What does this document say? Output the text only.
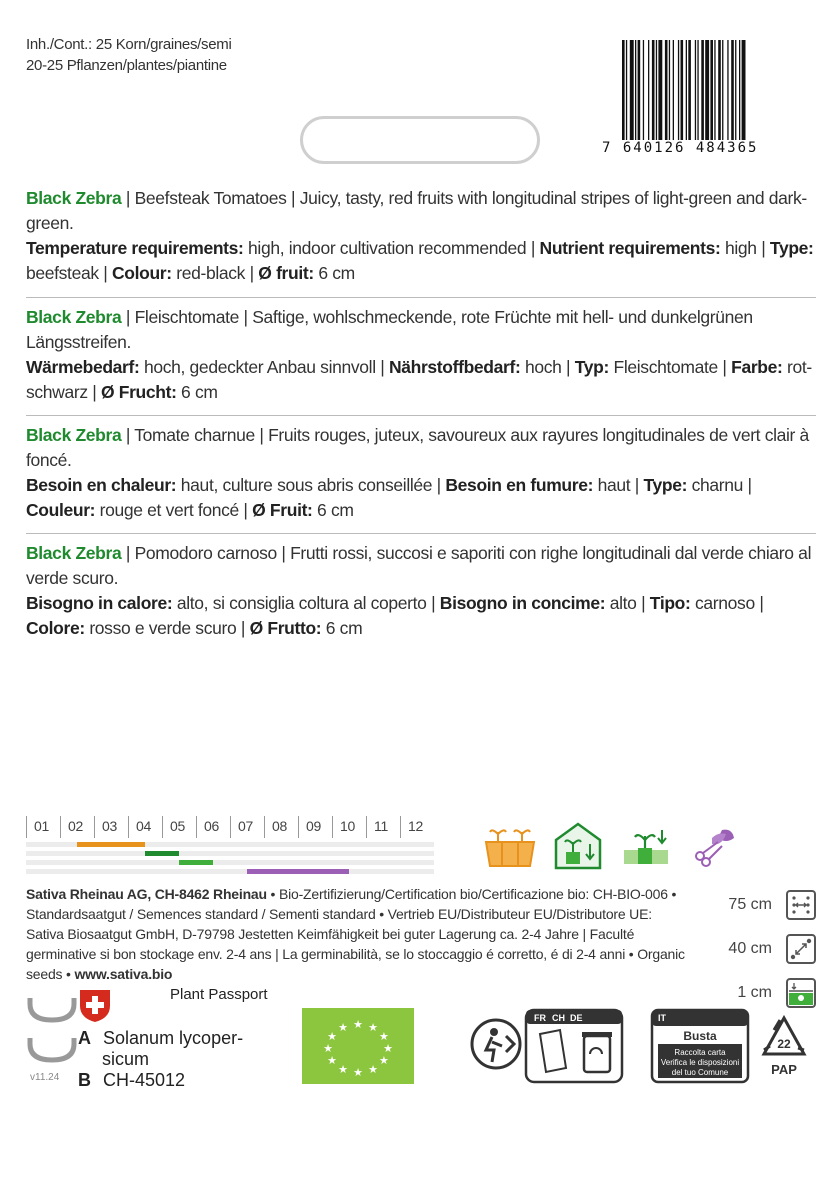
Inh./Cont.: 25 Korn/graines/semi
20-25 Pflanzen/plantes/piantine
7 640126 484365
Black Zebra | Beefsteak Tomatoes | Juicy, tasty, red fruits with longitudinal stripes of light-green and dark-green.
Temperature requirements: high, indoor cultivation recommended | Nutrient requirements: high | Type: beefsteak | Colour: red-black | Ø fruit: 6 cm
Black Zebra | Fleischtomate | Saftige, wohlschmeckende, rote Früchte mit hell- und dunkelgrünen Längsstreifen.
Wärmebedarf: hoch, gedeckter Anbau sinnvoll | Nährstoffbedarf: hoch | Typ: Fleischtomate | Farbe: rot-schwarz | Ø Frucht: 6 cm
Black Zebra | Tomate charnue | Fruits rouges, juteux, savoureux aux rayures longitudinales de vert clair à foncé.
Besoin en chaleur: haut, culture sous abris conseillée | Besoin en fumure: haut | Type: charnu | Couleur: rouge et vert foncé | Ø Fruit: 6 cm
Black Zebra | Pomodoro carnoso | Frutti rossi, succosi e saporiti con righe longitudinali dal verde chiaro al verde scuro.
Bisogno in calore: alto, si consiglia coltura al coperto | Bisogno in concime: alto | Tipo: carnoso | Colore: rosso e verde scuro | Ø Frutto: 6 cm
01	02	03	04	05	06	07	08	09	10	11	12
Sativa Rheinau AG, CH-8462 Rheinau • Bio-Zertifizierung/Certification bio/Certificazione bio: CH-BIO-006 • Standardsaatgut / Semences standard / Sementi standard • Vertrieb EU/Distributeur EU/Distributore UE: Sativa Biosaatgut GmbH, D-79798 Jestetten Keimfähigkeit bei guter Lagerung ca. 2-4 Jahre | Faculté germinative si bon stockage env. 2-4 ans | La germinabilità, se lo stoccaggio é corretto, é di 2-4 anni • Organic seeds • www.sativa.bio
75 cm
40 cm
1 cm
Plant Passport
A Solanum lycoper-
sicum
B CH-45012
v11.24
★
★
★
★
★
★
★
★
★ ★ ★
★
FR CH DE	IT
Busta
Raccolta carta
Verifica le disposizioni
del tuo Comune
22
PAP
